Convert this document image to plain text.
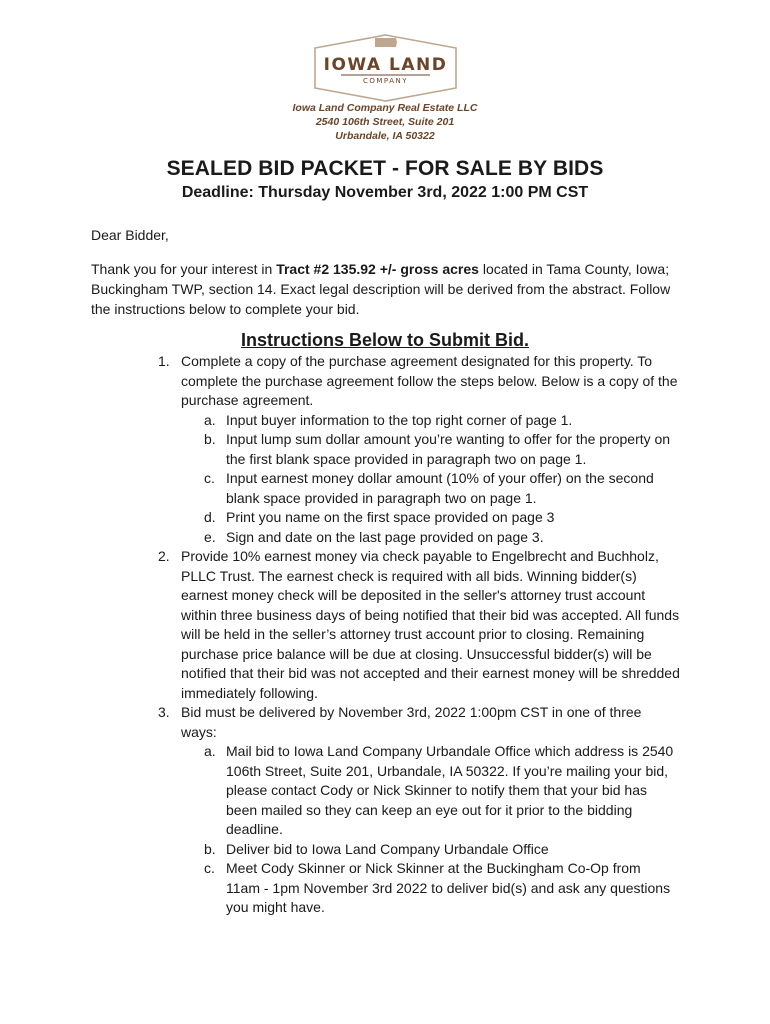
IOWA LAND
COMPANY
Iowa Land Company Real Estate LLC
2540 106th Street, Suite 201
Urbandale, IA 50322
SEALED BID PACKET - FOR SALE BY BIDS
Deadline: Thursday November 3rd, 2022 1:00 PM CST
Dear Bidder,
Thank you for your interest in Tract #2 135.92 +/- gross acres located in Tama County, Iowa; Buckingham TWP, section 14. Exact legal description will be derived from the abstract. Follow the instructions below to complete your bid.
Instructions Below to Submit Bid.
1. Complete a copy of the purchase agreement designated for this property. To complete the purchase agreement follow the steps below. Below is a copy of the purchase agreement.
a. Input buyer information to the top right corner of page 1.
b. Input lump sum dollar amount you’re wanting to offer for the property on the first blank space provided in paragraph two on page 1.
c. Input earnest money dollar amount (10% of your offer) on the second blank space provided in paragraph two on page 1.
d. Print you name on the first space provided on page 3
e. Sign and date on the last page provided on page 3.
2. Provide 10% earnest money via check payable to Engelbrecht and Buchholz, PLLC Trust. The earnest check is required with all bids. Winning bidder(s) earnest money check will be deposited in the seller's attorney trust account within three business days of being notified that their bid was accepted. All funds will be held in the seller’s attorney trust account prior to closing. Remaining purchase price balance will be due at closing. Unsuccessful bidder(s) will be notified that their bid was not accepted and their earnest money will be shredded immediately following.
3. Bid must be delivered by November 3rd, 2022 1:00pm CST in one of three ways:
a. Mail bid to Iowa Land Company Urbandale Office which address is 2540 106th Street, Suite 201, Urbandale, IA 50322. If you’re mailing your bid, please contact Cody or Nick Skinner to notify them that your bid has been mailed so they can keep an eye out for it prior to the bidding deadline.
b. Deliver bid to Iowa Land Company Urbandale Office
c. Meet Cody Skinner or Nick Skinner at the Buckingham Co-Op from 11am - 1pm November 3rd 2022 to deliver bid(s) and ask any questions you might have.
